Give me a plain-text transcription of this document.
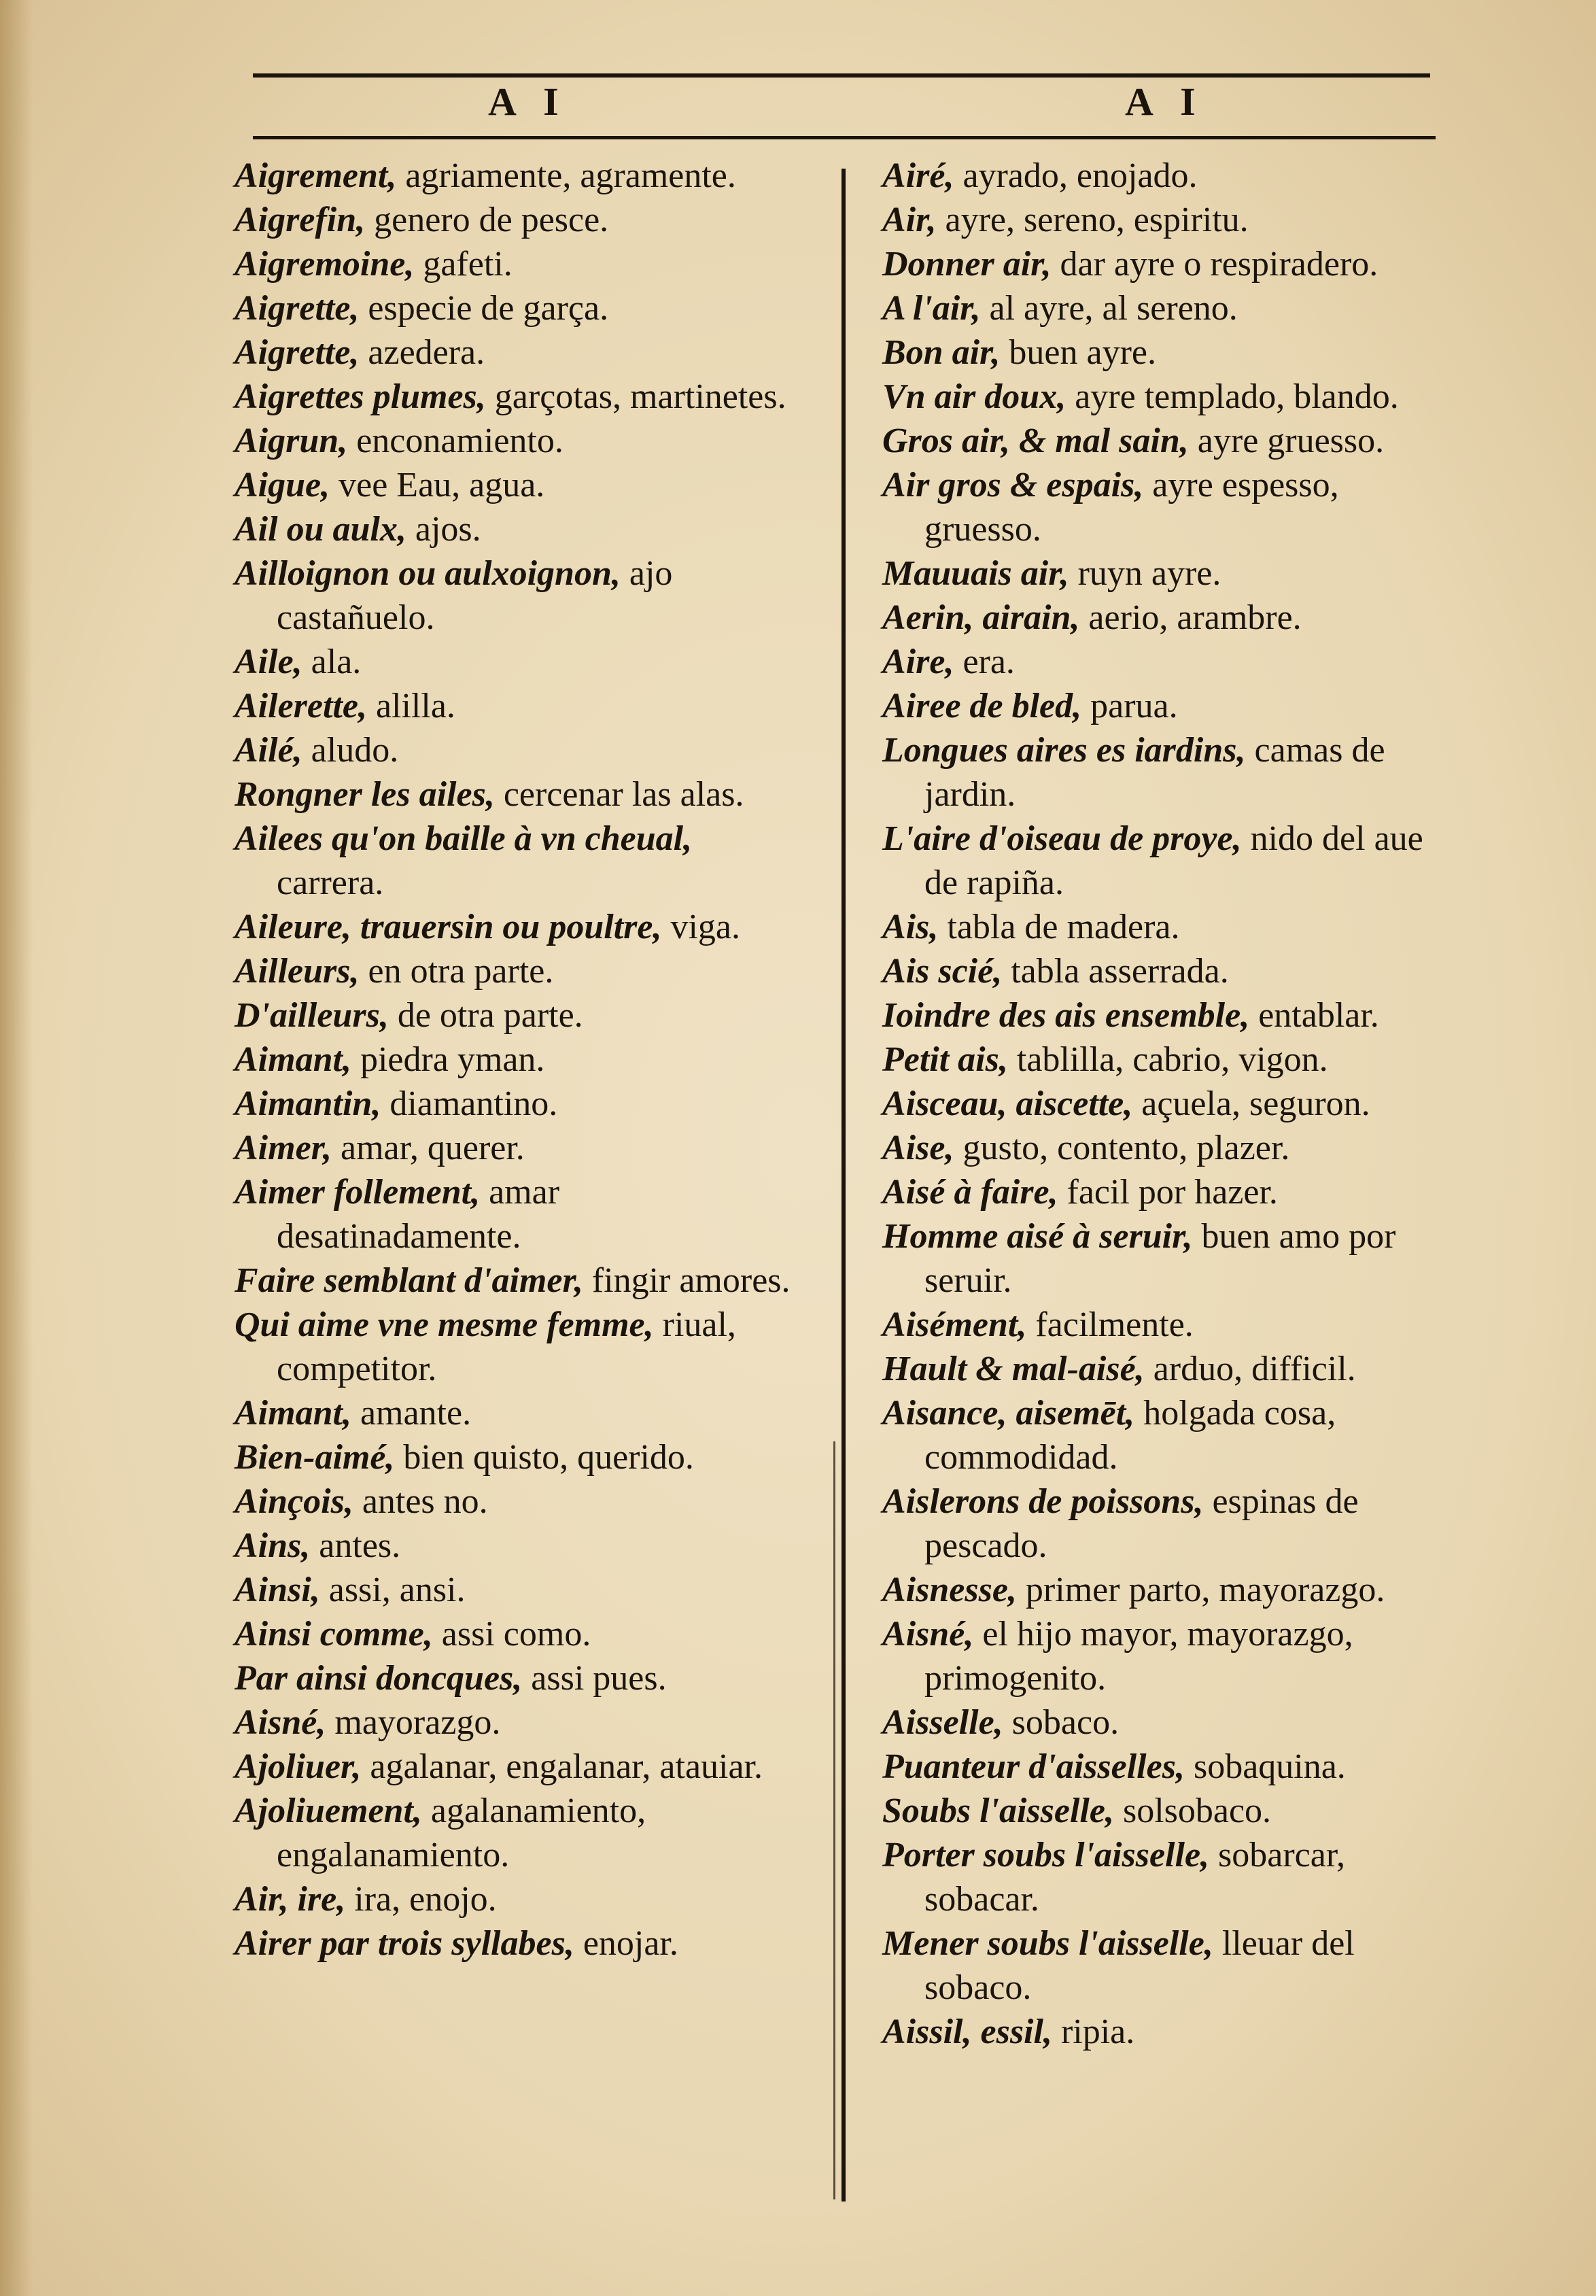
A I	A I

Aigrement, agriamente, agramente.

Aigrefin, genero de pesce.

Aigremoine, gafeti.

Aigrette, especie de garça.

Aigrette, azedera.

Aigrettes plumes, garçotas, martinetes.

Aigrun, enconamiento.

Aigue, vee Eau, agua.

Ail ou aulx, ajos.

Ailloignon ou aulxoignon, ajo castañuelo.

Aile, ala.

Ailerette, alilla.

Ailé, aludo.

Rongner les ailes, cercenar las alas.

Ailees qu'on baille à vn cheual, carrera.

Aileure, trauersin ou poultre, viga.

Ailleurs, en otra parte.

D'ailleurs, de otra parte.

Aimant, piedra yman.

Aimantin, diamantino.

Aimer, amar, querer.

Aimer follement, amar desatinadamente.

Faire semblant d'aimer, fingir amores.

Qui aime vne mesme femme, riual, competitor.

Aimant, amante.

Bien-aimé, bien quisto, querido.

Ainçois, antes no.

Ains, antes.

Ainsi, assi, ansi.

Ainsi comme, assi como.

Par ainsi doncques, assi pues.

Aisné, mayorazgo.

Ajoliuer, agalanar, engalanar, atauiar.

Ajoliuement, agalanamiento, engalanamiento.

Air, ire, ira, enojo.

Airer par trois syllabes, enojar.

Airé, ayrado, enojado.

Air, ayre, sereno, espiritu.

Donner air, dar ayre o respiradero.

A l'air, al ayre, al sereno.

Bon air, buen ayre.

Vn air doux, ayre templado, blando.

Gros air, & mal sain, ayre gruesso.

Air gros & espais, ayre espesso, gruesso.

Mauuais air, ruyn ayre.

Aerin, airain, aerio, arambre.

Aire, era.

Airee de bled, parua.

Longues aires es iardins, camas de jardin.

L'aire d'oiseau de proye, nido del aue de rapiña.

Ais, tabla de madera.

Ais scié, tabla asserrada.

Ioindre des ais ensemble, entablar.

Petit ais, tablilla, cabrio, vigon.

Aisceau, aiscette, açuela, seguron.

Aise, gusto, contento, plazer.

Aisé à faire, facil por hazer.

Homme aisé à seruir, buen amo por seruir.

Aisément, facilmente.

Hault & mal-aisé, arduo, difficil.

Aisance, aisemēt, holgada cosa, commodidad.

Aislerons de poissons, espinas de pescado.

Aisnesse, primer parto, mayorazgo.

Aisné, el hijo mayor, mayorazgo, primogenito.

Aisselle, sobaco.

Puanteur d'aisselles, sobaquina.

Soubs l'aisselle, solsobaco.

Porter soubs l'aisselle, sobarcar, sobacar.

Mener soubs l'aisselle, lleuar del sobaco.

Aissil, essil, ripia.
